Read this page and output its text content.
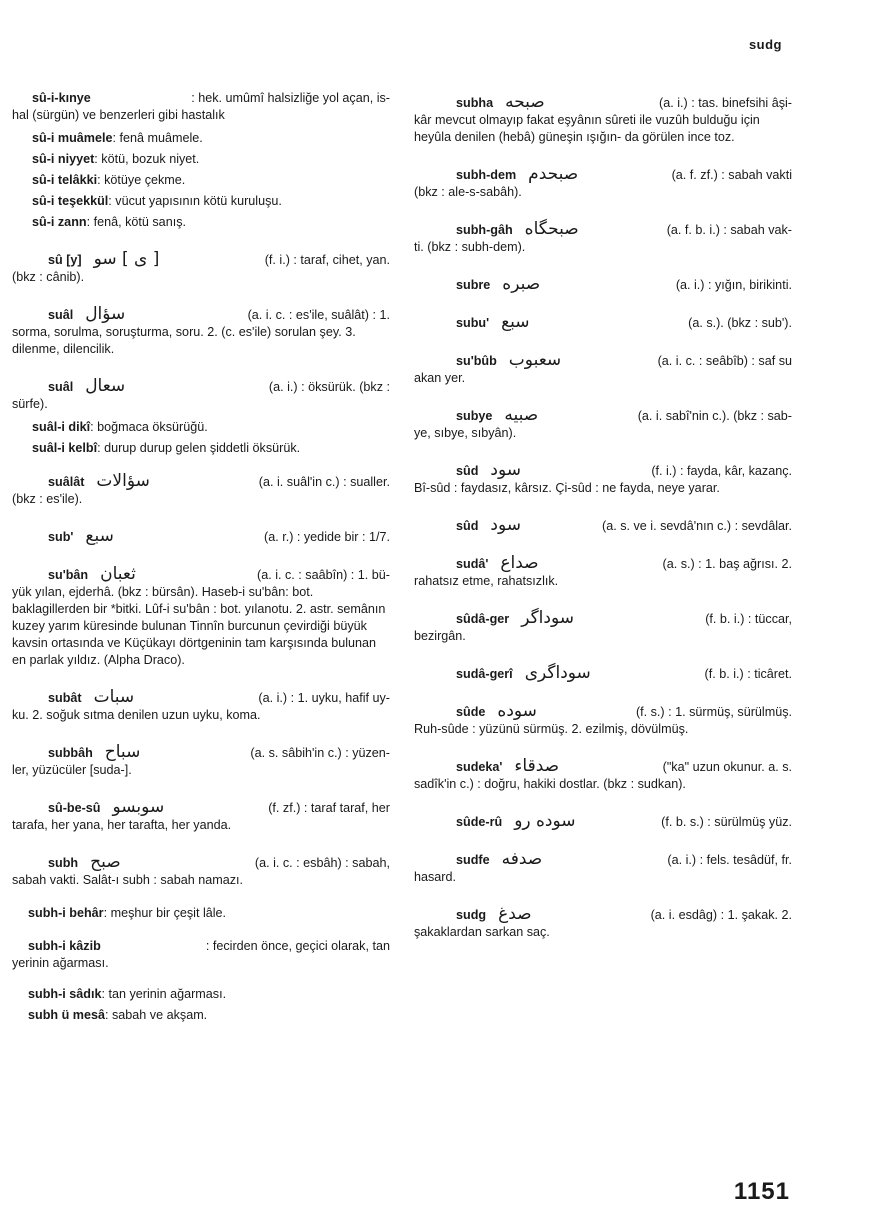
sudg
sû-i-kınye	: hek. umûmî halsizliğe yol açan, is-
hal (sürgün) ve benzerleri gibi hastalık
sû-i muâmele : fenâ muâmele.
sû-i niyyet : kötü, bozuk niyet.
sû-i telâkki : kötüye çekme.
sû-i teşekkül : vücut yapısının kötü kuruluşu.
sû-i zann : fenâ, kötü sanış.
sû [y] [ ی ] سو	(f. i.) : taraf, cihet, yan.
(bkz : cânib).
suâl سؤال	(a. i. c. : es'ile, suâlât) : 1.
sorma, sorulma, soruşturma, soru. 2. (c. es'ile) sorulan şey. 3. dilenme, dilencilik.
suâl سعال	(a. i.) : öksürük. (bkz :
sürfe).
suâl-i dikî : boğmaca öksürüğü.
suâl-i kelbî : durup durup gelen şiddetli öksürük.
suâlât سؤالات	(a. i. suâl'in c.) : sualler.
(bkz : es'ile).
sub' سبع	(a. r.) : yedide bir : 1/7.
su'bân ثعبان	(a. i. c. : saâbîn) : 1. bü-
yük yılan, ejderhâ. (bkz : bürsân). Haseb-i su'bân: bot. baklagillerden bir *bitki. Lûf-i su'bân : bot. yılanotu. 2. astr. semânın kuzey yarım küresinde bulunan Tinnîn burcunun çevirdiği büyük kavsin ortasında ve Küçükayı dörtgeninin tam karşısında bulunan en parlak yıldız. (Alpha Draco).
subât سبات	(a. i.) : 1. uyku, hafif uy-
ku. 2. soğuk sıtma denilen uzun uyku, koma.
subbâh سباح	(a. s. sâbih'in c.) : yüzen-
ler, yüzücüler [suda-].
sû-be-sû سوبسو	(f. zf.) : taraf taraf, her
tarafa, her yana, her tarafta, her yanda.
subh صبح	(a. i. c. : esbâh) : sabah,
sabah vakti. Salât-ı subh : sabah namazı.
subh-i behâr : meşhur bir çeşit lâle.
subh-i kâzib	: fecirden önce, geçici olarak, tan
yerinin ağarması.
subh-i sâdık : tan yerinin ağarması.
subh ü mesâ : sabah ve akşam.
subha صبحه	(a. i.) : tas. binefsihi âşi-
kâr mevcut olmayıp fakat eşyânın sûreti ile vuzûh bulduğu için heyûla denilen (hebâ) güneşin ışığın- da görülen ince toz.
subh-dem صبحدم	(a. f. zf.) : sabah vakti
(bkz : ale-s-sabâh).
subh-gâh صبحگاه	(a. f. b. i.) : sabah vak-
ti. (bkz : subh-dem).
subre صبره	(a. i.) : yığın, birikinti.
subu' سبع	(a. s.). (bkz : sub').
su'bûb سعبوب	(a. i. c. : seâbîb) : saf su
akan yer.
subye صبیه	(a. i. sabî'nin c.). (bkz : sab-
ye, sıbye, sıbyân).
sûd سود	(f. i.) : fayda, kâr, kazanç.
Bî-sûd : faydasız, kârsız. Çi-sûd : ne fayda, neye yarar.
sûd سود	(a. s. ve i. sevdâ'nın c.) : sevdâlar.
sudâ' صداع	(a. s.) : 1. baş ağrısı. 2.
rahatsız etme, rahatsızlık.
sûdâ-ger سوداگر	(f. b. i.) : tüccar,
bezirgân.
sudâ-gerî سوداگری	(f. b. i.) : ticâret.
sûde سوده	(f. s.) : 1. sürmüş, sürülmüş.
Ruh-sûde : yüzünü sürmüş. 2. ezilmiş, dövülmüş.
sudeka' صدقاء	("ka" uzun okunur. a. s.
sadîk'in c.) : doğru, hakiki dostlar. (bkz : sudkan).
sûde-rû سوده رو	(f. b. s.) : sürülmüş yüz.
sudfe صدفه	(a. i.) : fels. tesâdüf, fr.
hasard.
sudg صدغ	(a. i. esdâg) : 1. şakak. 2.
şakaklardan sarkan saç.
1151
